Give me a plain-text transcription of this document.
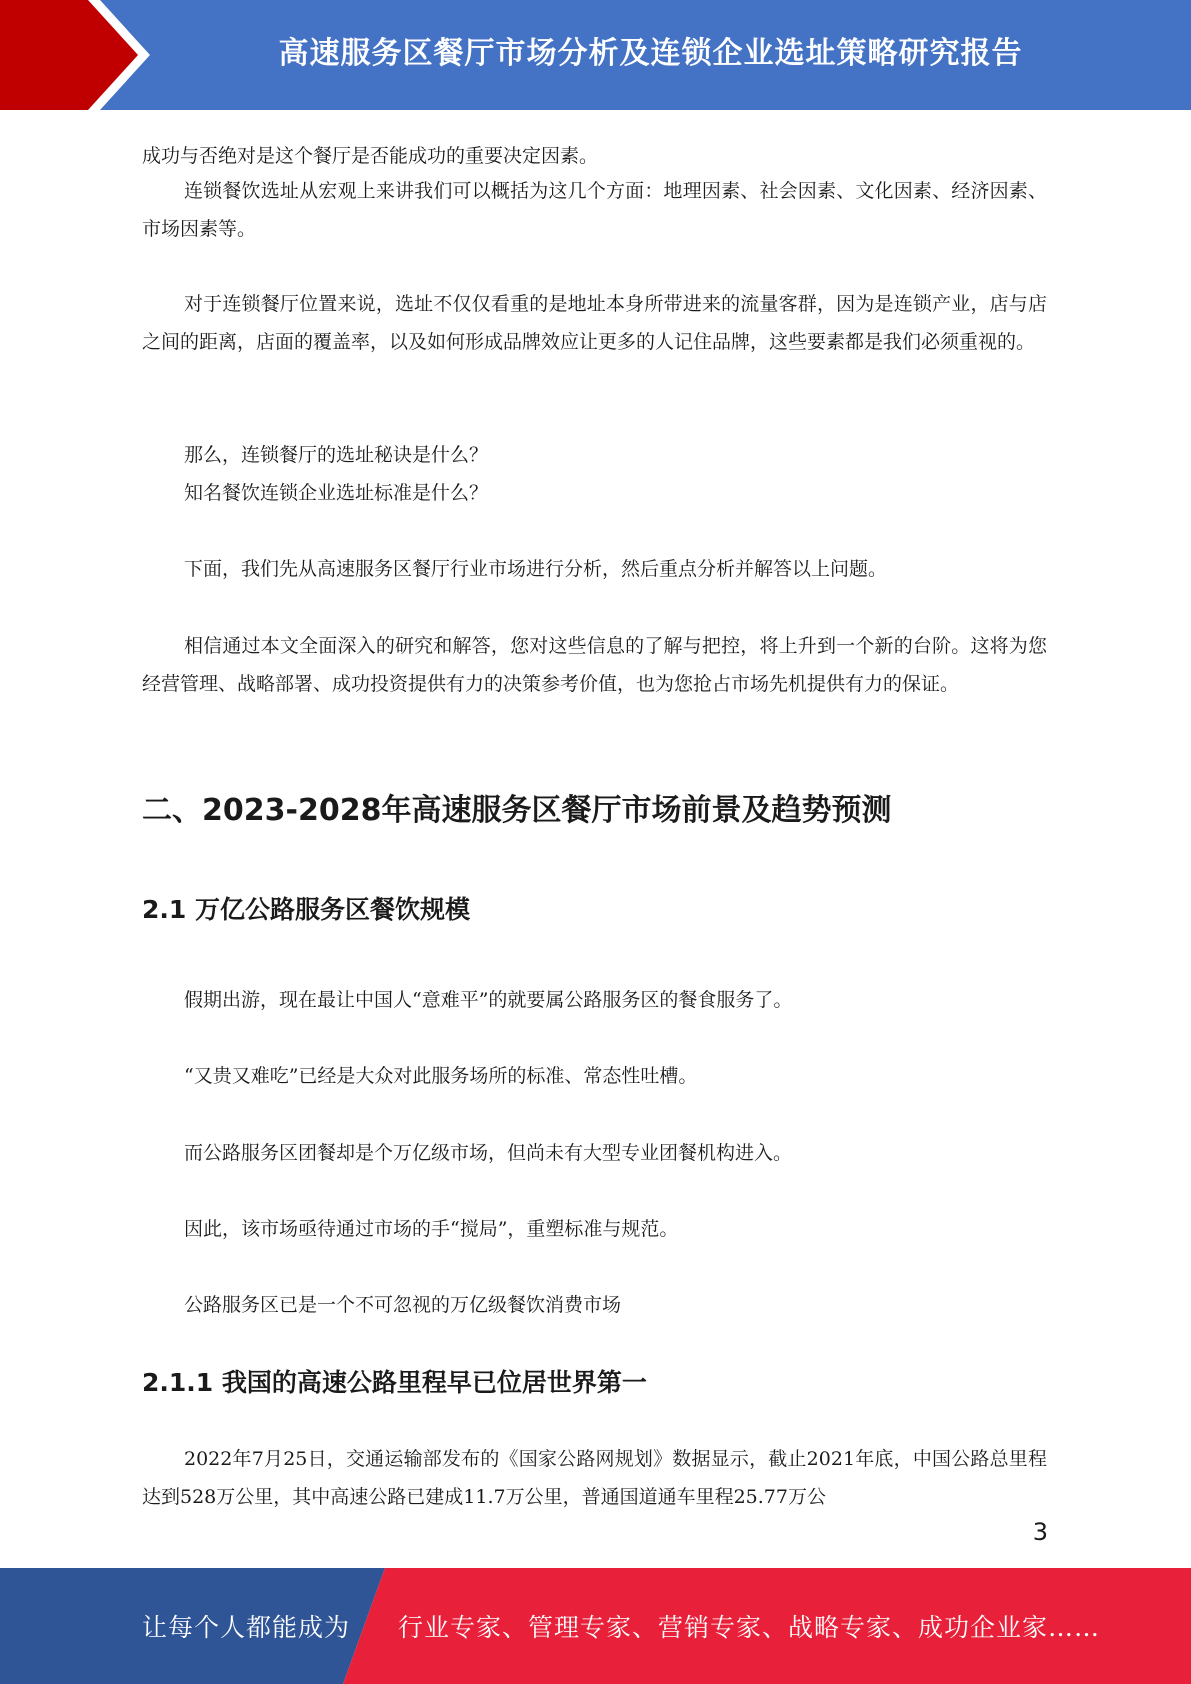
高速服务区餐厅市场分析及连锁企业选址策略研究报告

成功与否绝对是这个餐厅是否能成功的重要决定因素。

连锁餐饮选址从宏观上来讲我们可以概括为这几个方面：地理因素、社会因素、文化因素、经济因素、市场因素等。

对于连锁餐厅位置来说，选址不仅仅看重的是地址本身所带进来的流量客群，因为是连锁产业，店与店之间的距离，店面的覆盖率，以及如何形成品牌效应让更多的人记住品牌，这些要素都是我们必须重视的。

那么，连锁餐厅的选址秘诀是什么？

知名餐饮连锁企业选址标准是什么？

下面，我们先从高速服务区餐厅行业市场进行分析，然后重点分析并解答以上问题。

相信通过本文全面深入的研究和解答，您对这些信息的了解与把控，将上升到一个新的台阶。这将为您经营管理、战略部署、成功投资提供有力的决策参考价值，也为您抢占市场先机提供有力的保证。

二、2023-2028年高速服务区餐厅市场前景及趋势预测
2.1 万亿公路服务区餐饮规模

假期出游，现在最让中国人“意难平”的就要属公路服务区的餐食服务了。

“又贵又难吃”已经是大众对此服务场所的标准、常态性吐槽。

而公路服务区团餐却是个万亿级市场，但尚未有大型专业团餐机构进入。

因此，该市场亟待通过市场的手“搅局”，重塑标准与规范。

公路服务区已是一个不可忽视的万亿级餐饮消费市场

2.1.1 我国的高速公路里程早已位居世界第一

2022年7月25日，交通运输部发布的《国家公路网规划》数据显示，截止2021年底，中国公路总里程达到528万公里，其中高速公路已建成11.7万公里，普通国道通车里程25.77万公

3
让每个人都能成为 行业专家、管理专家、营销专家、战略专家、成功企业家……
